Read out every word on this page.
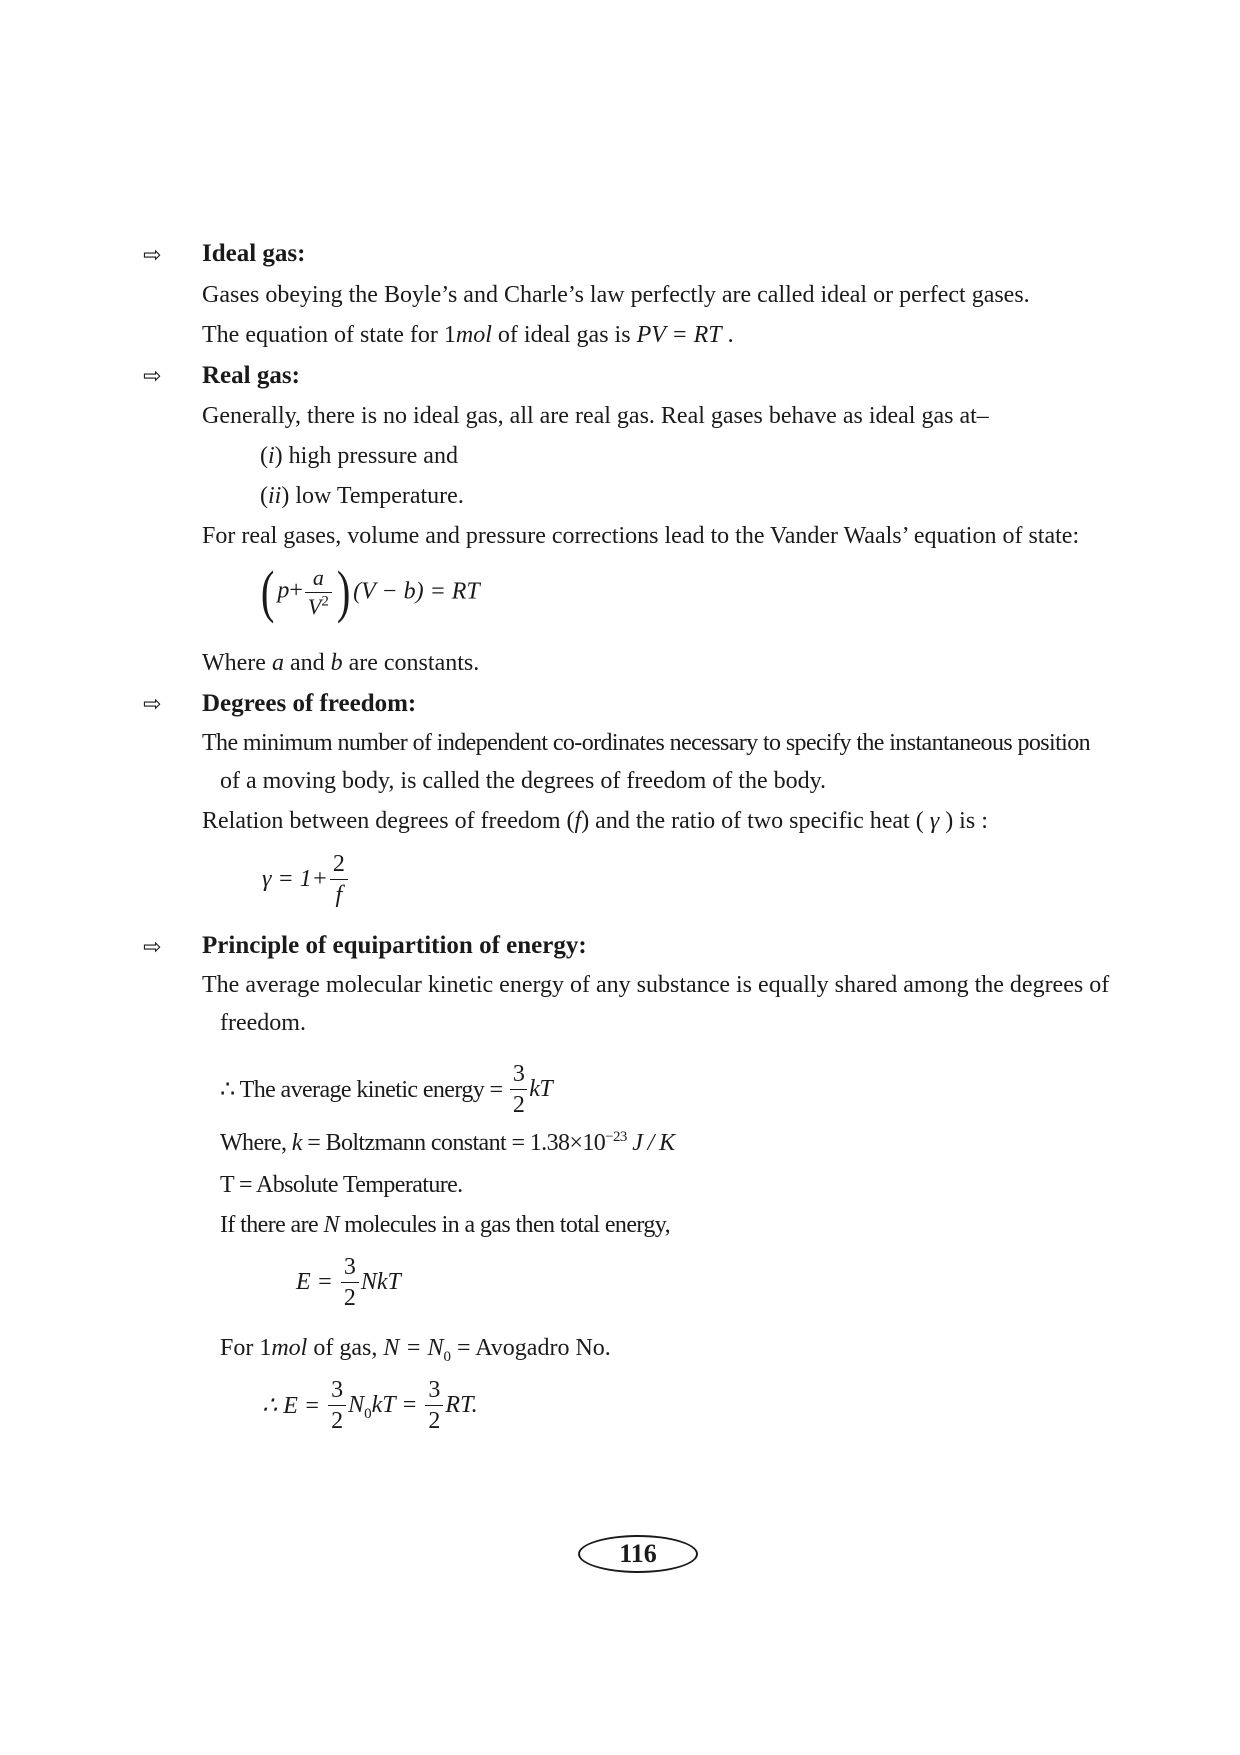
⇨ Ideal gas:
Gases obeying the Boyle’s and Charle’s law perfectly are called ideal or perfect gases.
The equation of state for 1mol of ideal gas is PV = RT .
⇨ Real gas:
Generally, there is no ideal gas, all are real gas. Real gases behave as ideal gas at–
(i) high pressure and
(ii) low Temperature.
For real gases, volume and pressure corrections lead to the Vander Waals’ equation of state:
( $p+ \frac{a}{V^2}$ ) (V − b) = RT
Where a and b are constants.
⇨ Degrees of freedom:
The minimum number of independent co-ordinates necessary to specify the instantaneous position
of a moving body, is called the degrees of freedom of the body.
Relation between degrees of freedom (f) and the ratio of two specific heat ( γ ) is :
$\gamma = 1+ \frac{2}{f}$
⇨ Principle of equipartition of energy:
The average molecular kinetic energy of any substance is equally shared among the degrees of
freedom.
∴ The average kinetic energy = $\frac{3}{2}$ kT
Where, k = Boltzmann constant = $1.38\times 10^{-23}$ J / K
T = Absolute Temperature.
If there are N molecules in a gas then total energy,
$E = \frac{3}{2}$ NkT
For 1mol of gas, $N = N_0$ = Avogadro No.
∴ $E = \frac{3}{2} N_0kT = \frac{3}{2}$ RT.
116
